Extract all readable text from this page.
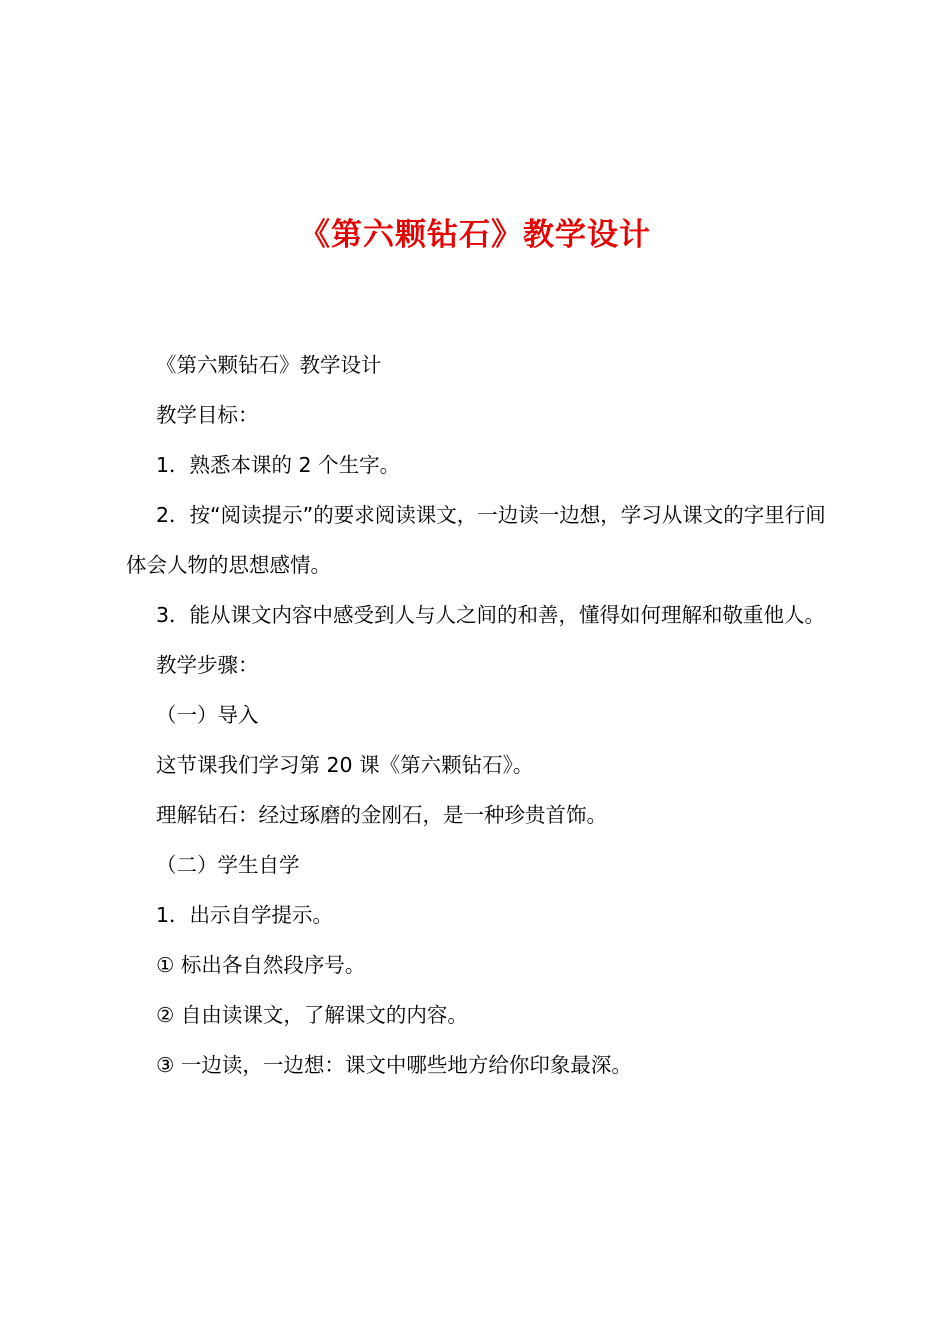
《第六颗钻石》教学设计

《第六颗钻石》教学设计

教学目标：

1．熟悉本课的 2 个生字。

2．按“阅读提示”的要求阅读课文，一边读一边想，学习从课文的字里行间体会人物的思想感情。

3．能从课文内容中感受到人与人之间的和善，懂得如何理解和敬重他人。

教学步骤：

（一）导入

这节课我们学习第 20 课《第六颗钻石》。

理解钻石：经过琢磨的金刚石，是一种珍贵首饰。

（二）学生自学

1．出示自学提示。

① 标出各自然段序号。

② 自由读课文，了解课文的内容。

③ 一边读，一边想：课文中哪些地方给你印象最深。
